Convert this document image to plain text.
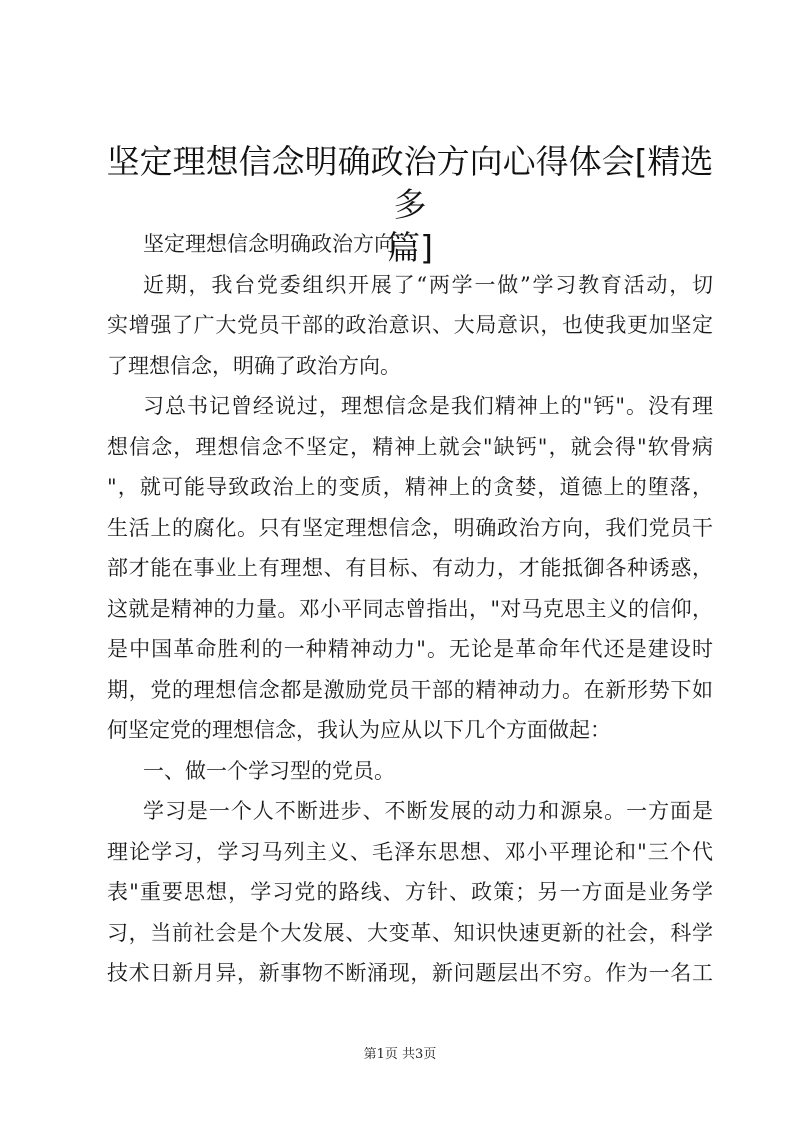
坚定理想信念明确政治方向心得体会[精选多
篇]
坚定理想信念明确政治方向
近期，我台党委组织开展了“两学一做”学习教育活动，切
实增强了广大党员干部的政治意识、大局意识，也使我更加坚定
了理想信念，明确了政治方向。
习总书记曾经说过，理想信念是我们精神上的"钙"。没有理
想信念，理想信念不坚定，精神上就会"缺钙"，就会得"软骨病
"，就可能导致政治上的变质，精神上的贪婪，道德上的堕落，
生活上的腐化。只有坚定理想信念，明确政治方向，我们党员干
部才能在事业上有理想、有目标、有动力，才能抵御各种诱惑，
这就是精神的力量。邓小平同志曾指出，"对马克思主义的信仰，
是中国革命胜利的一种精神动力"。无论是革命年代还是建设时
期，党的理想信念都是激励党员干部的精神动力。在新形势下如
何坚定党的理想信念，我认为应从以下几个方面做起：
一、做一个学习型的党员。
学习是一个人不断进步、不断发展的动力和源泉。一方面是
理论学习，学习马列主义、毛泽东思想、邓小平理论和"三个代
表"重要思想，学习党的路线、方针、政策；另一方面是业务学
习，当前社会是个大发展、大变革、知识快速更新的社会，科学
技术日新月异，新事物不断涌现，新问题层出不穷。作为一名工
第1页 共3页
